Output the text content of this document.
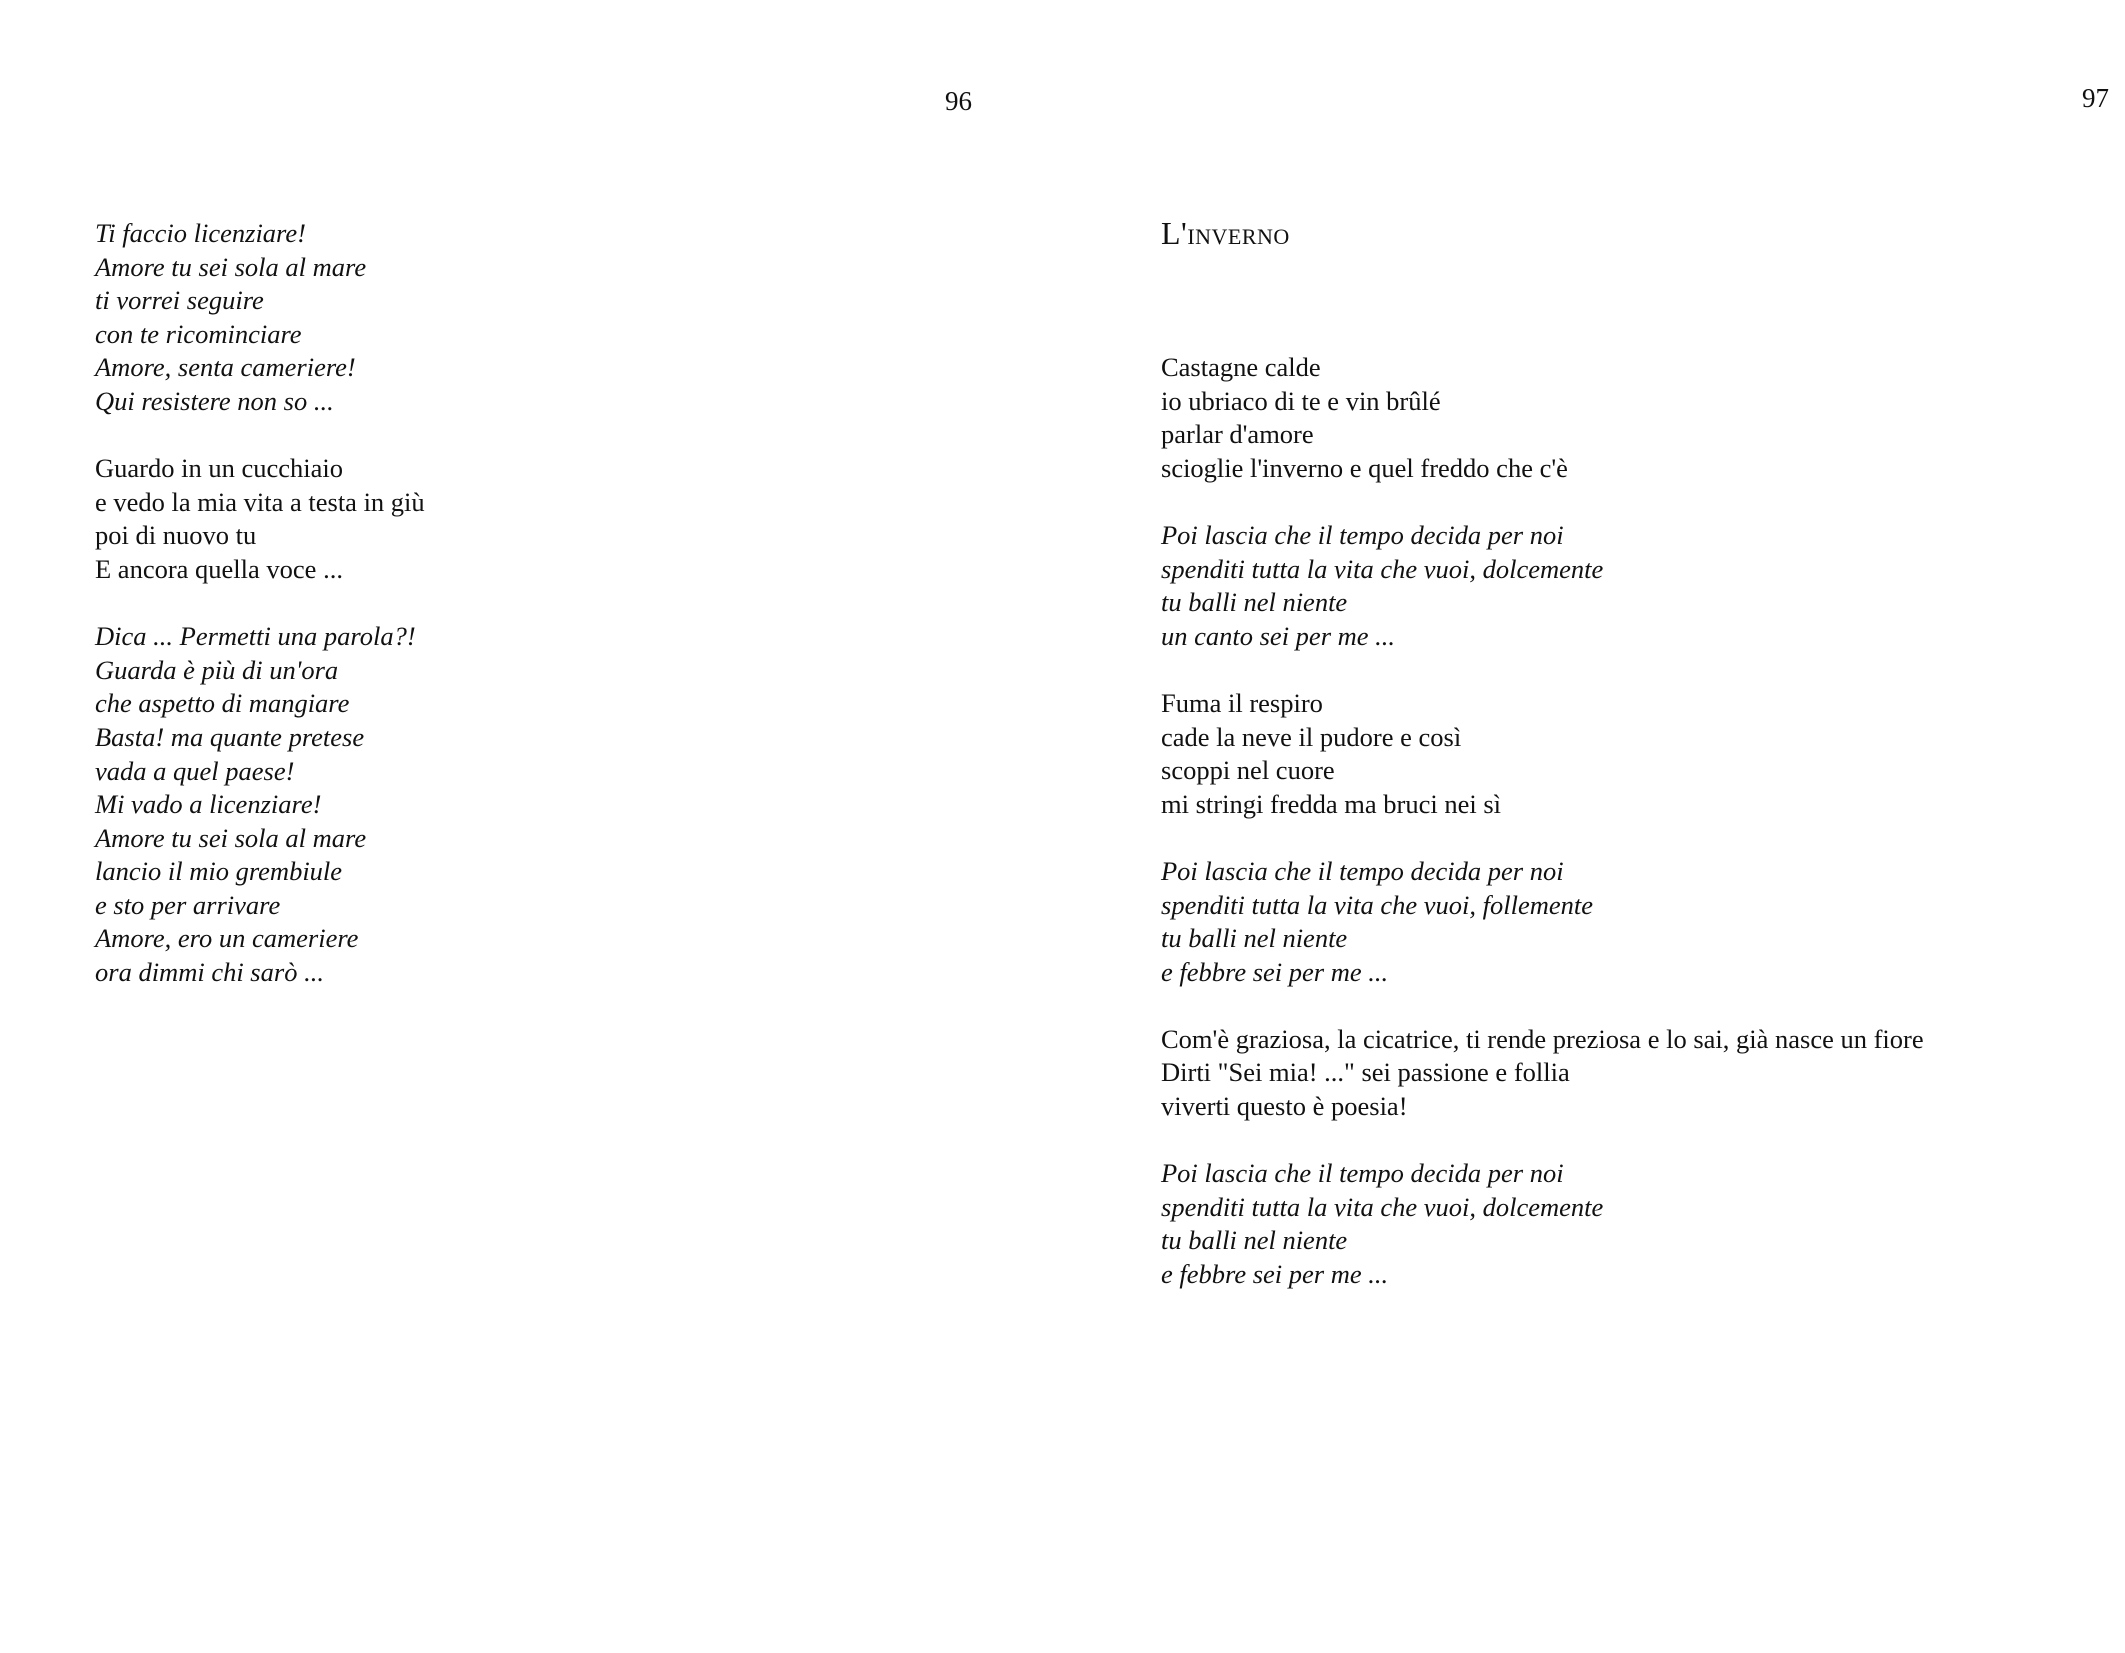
96
Ti faccio licenziare!
Amore tu sei sola al mare
ti vorrei seguire
con te ricominciare
Amore, senta cameriere!
Qui resistere non so ...
Guardo in un cucchiaio
e vedo la mia vita a testa in giù
poi di nuovo tu
E ancora quella voce ...
Dica ... Permetti una parola?!
Guarda è più di un'ora
che aspetto di mangiare
Basta! ma quante pretese
vada a quel paese!
Mi vado a licenziare!
Amore tu sei sola al mare
lancio il mio grembiule
e sto per arrivare
Amore, ero un cameriere
ora dimmi chi sarò ...
97
L'inverno
Castagne calde
io ubriaco di te e vin brûlé
parlar d'amore
scioglie l'inverno e quel freddo che c'è
Poi lascia che il tempo decida per noi
spenditi tutta la vita che vuoi, dolcemente
tu balli nel niente
un canto sei per me ...
Fuma il respiro
cade la neve il pudore e così
scoppi nel cuore
mi stringi fredda ma bruci nei sì
Poi lascia che il tempo decida per noi
spenditi tutta la vita che vuoi, follemente
tu balli nel niente
e febbre sei per me ...
Com'è graziosa, la cicatrice, ti rende preziosa e lo sai, già nasce un fiore
Dirti "Sei mia! ..." sei passione e follia
viverti questo è poesia!
Poi lascia che il tempo decida per noi
spenditi tutta la vita che vuoi, dolcemente
tu balli nel niente
e febbre sei per me ...
